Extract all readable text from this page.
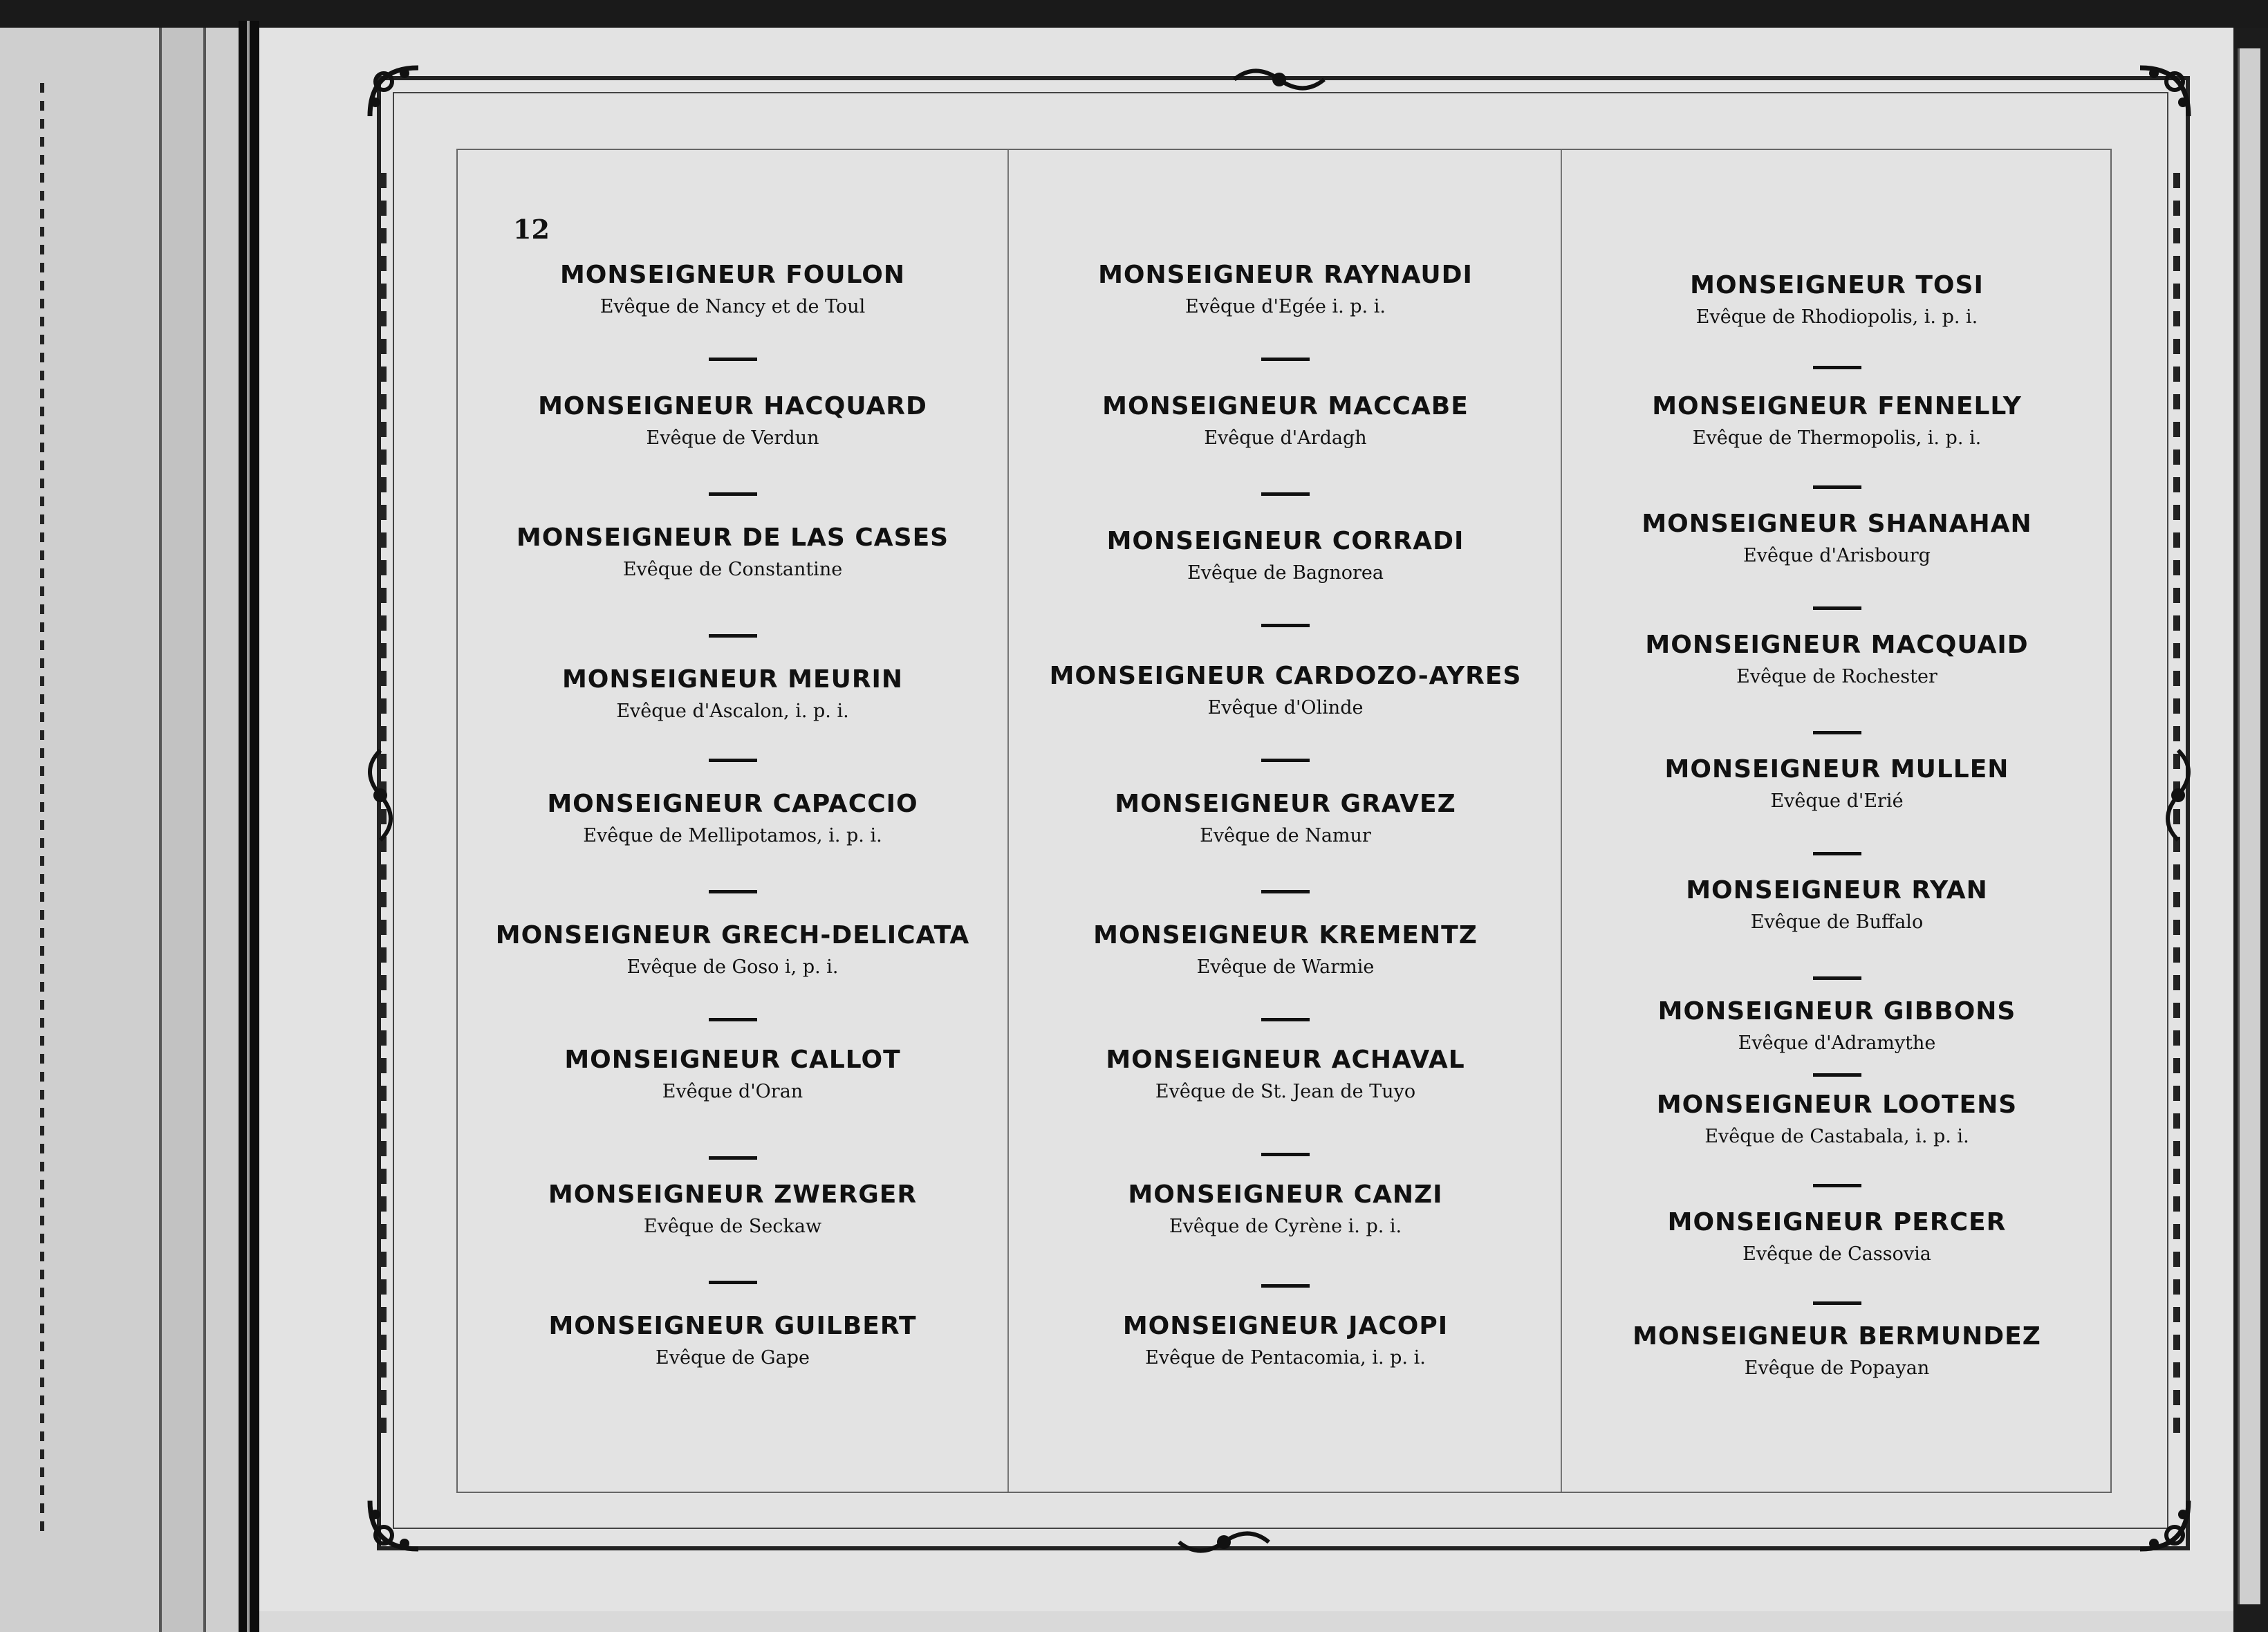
12
MONSEIGNEUR FOULON
Evêque de Nancy et de Toul
MONSEIGNEUR HACQUARD
Evêque de Verdun
MONSEIGNEUR DE LAS CASES
Evêque de Constantine
MONSEIGNEUR MEURIN
Evêque d'Ascalon, i. p. i.
MONSEIGNEUR CAPACCIO
Evêque de Mellipotamos, i. p. i.
MONSEIGNEUR GRECH-DELICATA
Evêque de Goso i, p. i.
MONSEIGNEUR CALLOT
Evêque d'Oran
MONSEIGNEUR ZWERGER
Evêque de Seckaw
MONSEIGNEUR GUILBERT
Evêque de Gape
MONSEIGNEUR RAYNAUDI
Evêque d'Egée i. p. i.
MONSEIGNEUR MACCABE
Evêque d'Ardagh
MONSEIGNEUR CORRADI
Evêque de Bagnorea
MONSEIGNEUR CARDOZO-AYRES
Evêque d'Olinde
MONSEIGNEUR GRAVEZ
Evêque de Namur
MONSEIGNEUR KREMENTZ
Evêque de Warmie
MONSEIGNEUR ACHAVAL
Evêque de St. Jean de Tuyo
MONSEIGNEUR CANZI
Evêque de Cyrène i. p. i.
MONSEIGNEUR JACOPI
Evêque de Pentacomia, i. p. i.
MONSEIGNEUR TOSI
Evêque de Rhodiopolis, i. p. i.
MONSEIGNEUR FENNELLY
Evêque de Thermopolis, i. p. i.
MONSEIGNEUR SHANAHAN
Evêque d'Arisbourg
MONSEIGNEUR MACQUAID
Evêque de Rochester
MONSEIGNEUR MULLEN
Evêque d'Erié
MONSEIGNEUR RYAN
Evêque de Buffalo
MONSEIGNEUR GIBBONS
Evêque d'Adramythe
MONSEIGNEUR LOOTENS
Evêque de Castabala, i. p. i.
MONSEIGNEUR PERCER
Evêque de Cassovia
MONSEIGNEUR BERMUNDEZ
Evêque de Popayan
